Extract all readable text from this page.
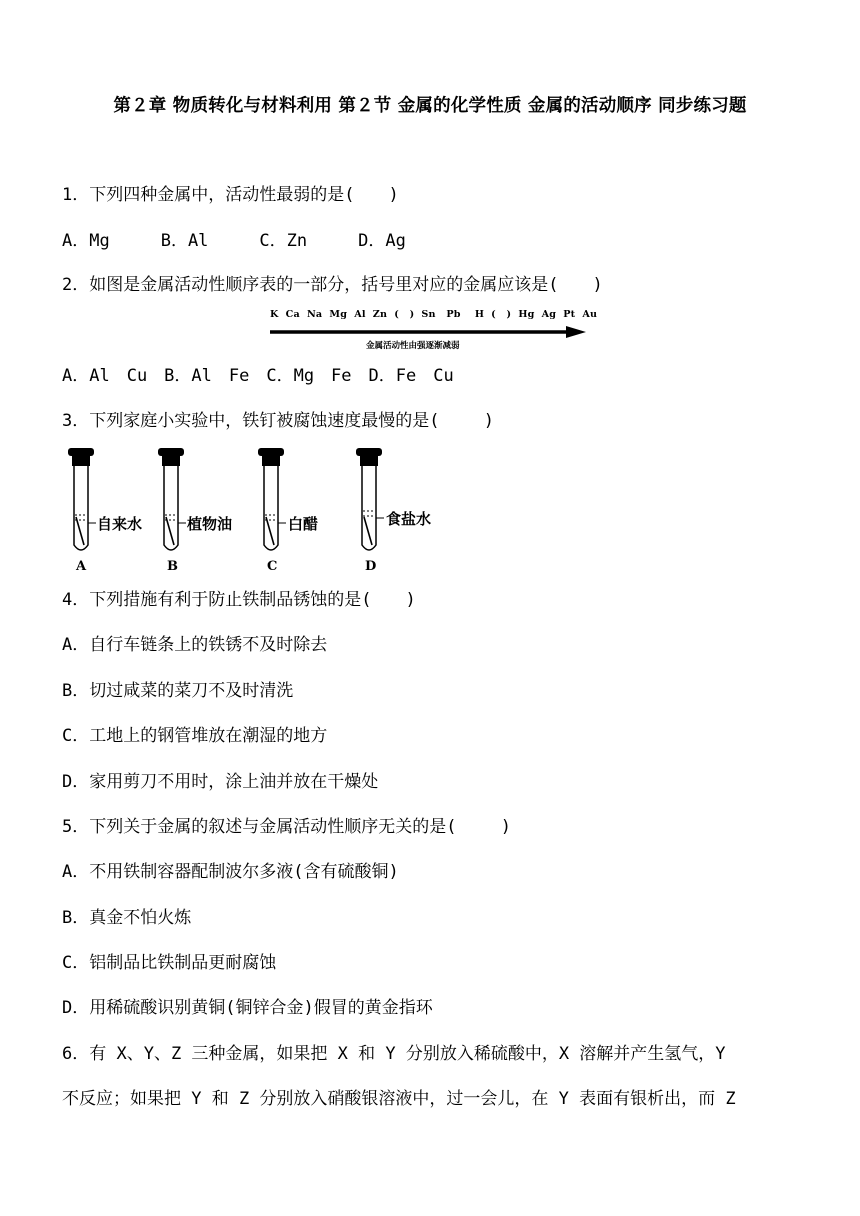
第２章 物质转化与材料利用 第２节 金属的化学性质 金属的活动顺序 同步练习题
1．下列四种金属中，活动性最弱的是(　　)
A．Mg　　　B．Al　　　C．Zn　　　D．Ag
2．如图是金属活动性顺序表的一部分，括号里对应的金属应该是(　　)
K  Ca  Na  Mg  Al  Zn  (   )  Sn   Pb    H  (   )  Hg  Ag  Pt  Au
金属活动性由强逐渐减弱
A．Al　Cu　B．Al　Fe　C．Mg　Fe　D．Fe　Cu
3．下列家庭小实验中，铁钉被腐蚀速度最慢的是(　　 )
自来水	植物油	白醋	食盐水
A	B	C	D
4．下列措施有利于防止铁制品锈蚀的是(　　)
A．自行车链条上的铁锈不及时除去
B．切过咸菜的菜刀不及时清洗
C．工地上的钢管堆放在潮湿的地方
D．家用剪刀不用时，涂上油并放在干燥处
5．下列关于金属的叙述与金属活动性顺序无关的是(　　 )
A．不用铁制容器配制波尔多液(含有硫酸铜)
B．真金不怕火炼
C．铝制品比铁制品更耐腐蚀
D．用稀硫酸识别黄铜(铜锌合金)假冒的黄金指环
6．有 X、Y、Z 三种金属，如果把 X 和 Y 分别放入稀硫酸中，X 溶解并产生氢气，Y
不反应；如果把 Y 和 Z 分别放入硝酸银溶液中，过一会儿，在 Y 表面有银析出，而 Z
